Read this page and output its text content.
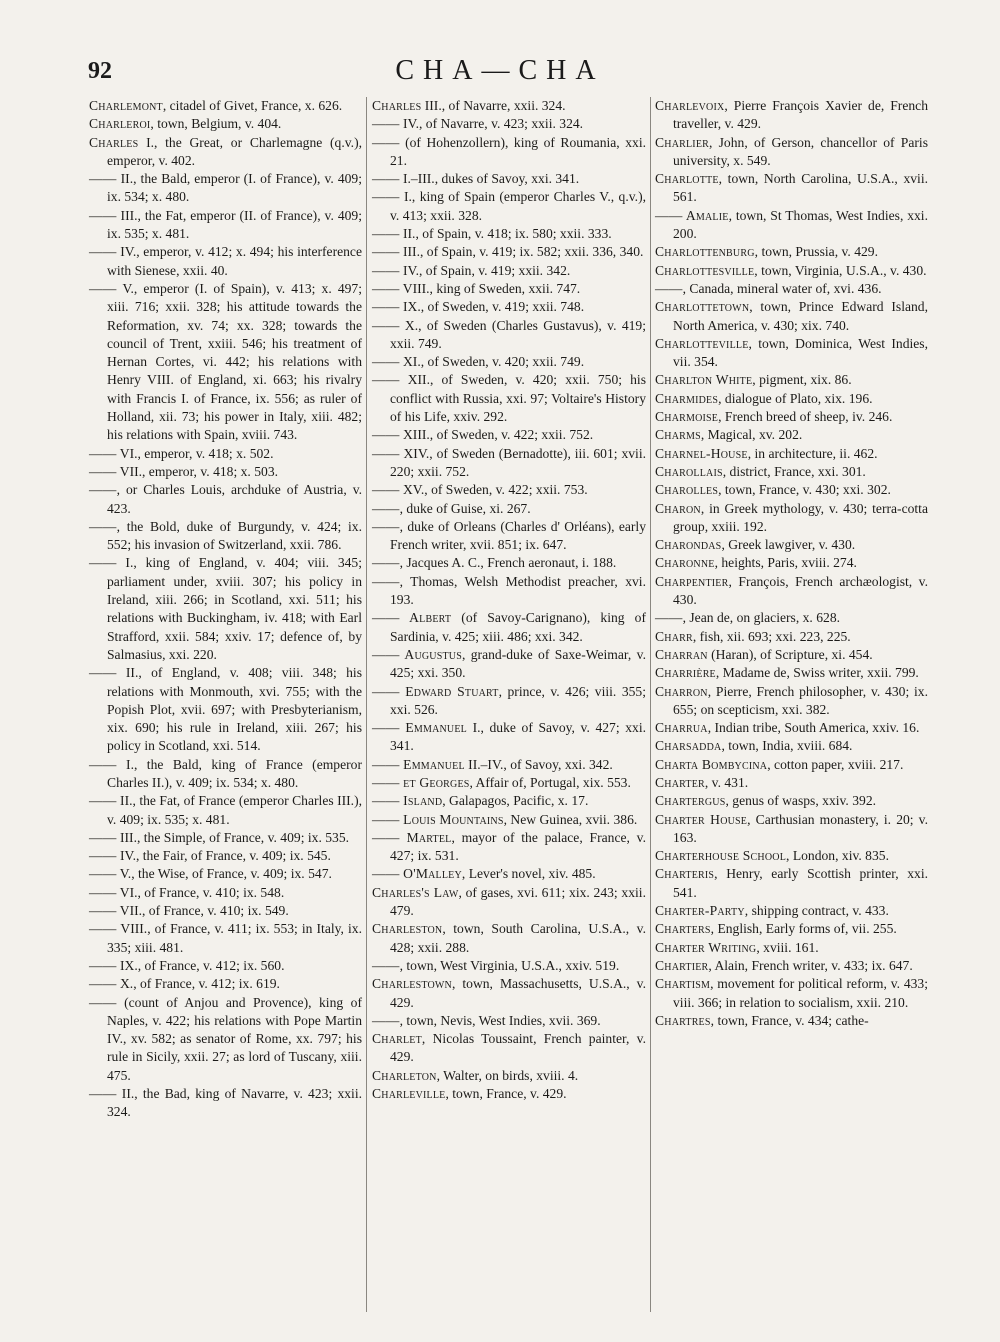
92	CHA—CHA

Charlemont, citadel of Givet, France, x. 626.

Charleroi, town, Belgium, v. 404.

Charles I., the Great, or Charlemagne (q.v.), emperor, v. 402.

—— II., the Bald, emperor (I. of France), v. 409; ix. 534; x. 480.

—— III., the Fat, emperor (II. of France), v. 409; ix. 535; x. 481.

—— IV., emperor, v. 412; x. 494; his interference with Sienese, xxii. 40.

—— V., emperor (I. of Spain), v. 413; x. 497; xiii. 716; xxii. 328; his attitude towards the Reformation, xv. 74; xx. 328; towards the council of Trent, xxiii. 546; his treatment of Hernan Cortes, vi. 442; his relations with Henry VIII. of England, xi. 663; his rivalry with Francis I. of France, ix. 556; as ruler of Holland, xii. 73; his power in Italy, xiii. 482; his relations with Spain, xviii. 743.

—— VI., emperor, v. 418; x. 502.

—— VII., emperor, v. 418; x. 503.

——, or Charles Louis, archduke of Austria, v. 423.

——, the Bold, duke of Burgundy, v. 424; ix. 552; his invasion of Switzerland, xxii. 786.

—— I., king of England, v. 404; viii. 345; parliament under, xviii. 307; his policy in Ireland, xiii. 266; in Scotland, xxi. 511; his relations with Buckingham, iv. 418; with Earl Strafford, xxii. 584; xxiv. 17; defence of, by Salmasius, xxi. 220.

—— II., of England, v. 408; viii. 348; his relations with Monmouth, xvi. 755; with the Popish Plot, xvii. 697; with Presbyterianism, xix. 690; his rule in Ireland, xiii. 267; his policy in Scotland, xxi. 514.

—— I., the Bald, king of France (emperor Charles II.), v. 409; ix. 534; x. 480.

—— II., the Fat, of France (emperor Charles III.), v. 409; ix. 535; x. 481.

—— III., the Simple, of France, v. 409; ix. 535.

—— IV., the Fair, of France, v. 409; ix. 545.

—— V., the Wise, of France, v. 409; ix. 547.

—— VI., of France, v. 410; ix. 548.

—— VII., of France, v. 410; ix. 549.

—— VIII., of France, v. 411; ix. 553; in Italy, ix. 335; xiii. 481.

—— IX., of France, v. 412; ix. 560.

—— X., of France, v. 412; ix. 619.

—— (count of Anjou and Provence), king of Naples, v. 422; his relations with Pope Martin IV., xv. 582; as senator of Rome, xx. 797; his rule in Sicily, xxii. 27; as lord of Tuscany, xiii. 475.

—— II., the Bad, king of Navarre, v. 423; xxii. 324.

Charles III., of Navarre, xxii. 324.

—— IV., of Navarre, v. 423; xxii. 324.

—— (of Hohenzollern), king of Roumania, xxi. 21.

—— I.–III., dukes of Savoy, xxi. 341.

—— I., king of Spain (emperor Charles V., q.v.), v. 413; xxii. 328.

—— II., of Spain, v. 418; ix. 580; xxii. 333.

—— III., of Spain, v. 419; ix. 582; xxii. 336, 340.

—— IV., of Spain, v. 419; xxii. 342.

—— VIII., king of Sweden, xxii. 747.

—— IX., of Sweden, v. 419; xxii. 748.

—— X., of Sweden (Charles Gustavus), v. 419; xxii. 749.

—— XI., of Sweden, v. 420; xxii. 749.

—— XII., of Sweden, v. 420; xxii. 750; his conflict with Russia, xxi. 97; Voltaire's History of his Life, xxiv. 292.

—— XIII., of Sweden, v. 422; xxii. 752.

—— XIV., of Sweden (Bernadotte), iii. 601; xvii. 220; xxii. 752.

—— XV., of Sweden, v. 422; xxii. 753.

——, duke of Guise, xi. 267.

——, duke of Orleans (Charles d' Orléans), early French writer, xvii. 851; ix. 647.

——, Jacques A. C., French aeronaut, i. 188.

——, Thomas, Welsh Methodist preacher, xvi. 193.

—— Albert (of Savoy-Carignano), king of Sardinia, v. 425; xiii. 486; xxi. 342.

—— Augustus, grand-duke of Saxe-Weimar, v. 425; xxi. 350.

—— Edward Stuart, prince, v. 426; viii. 355; xxi. 526.

—— Emmanuel I., duke of Savoy, v. 427; xxi. 341.

—— Emmanuel II.–IV., of Savoy, xxi. 342.

—— et Georges, Affair of, Portugal, xix. 553.

—— Island, Galapagos, Pacific, x. 17.

—— Louis Mountains, New Guinea, xvii. 386.

—— Martel, mayor of the palace, France, v. 427; ix. 531.

—— O'Malley, Lever's novel, xiv. 485.

Charles's Law, of gases, xvi. 611; xix. 243; xxii. 479.

Charleston, town, South Carolina, U.S.A., v. 428; xxii. 288.

——, town, West Virginia, U.S.A., xxiv. 519.

Charlestown, town, Massachusetts, U.S.A., v. 429.

——, town, Nevis, West Indies, xvii. 369.

Charlet, Nicolas Toussaint, French painter, v. 429.

Charleton, Walter, on birds, xviii. 4.

Charleville, town, France, v. 429.

Charlevoix, Pierre François Xavier de, French traveller, v. 429.

Charlier, John, of Gerson, chancellor of Paris university, x. 549.

Charlotte, town, North Carolina, U.S.A., xvii. 561.

—— Amalie, town, St Thomas, West Indies, xxi. 200.

Charlottenburg, town, Prussia, v. 429.

Charlottesville, town, Virginia, U.S.A., v. 430.

——, Canada, mineral water of, xvi. 436.

Charlottetown, town, Prince Edward Island, North America, v. 430; xix. 740.

Charlotteville, town, Dominica, West Indies, vii. 354.

Charlton White, pigment, xix. 86.

Charmides, dialogue of Plato, xix. 196.

Charmoise, French breed of sheep, iv. 246.

Charms, Magical, xv. 202.

Charnel-House, in architecture, ii. 462.

Charollais, district, France, xxi. 301.

Charolles, town, France, v. 430; xxi. 302.

Charon, in Greek mythology, v. 430; terra-cotta group, xxiii. 192.

Charondas, Greek lawgiver, v. 430.

Charonne, heights, Paris, xviii. 274.

Charpentier, François, French archæologist, v. 430.

——, Jean de, on glaciers, x. 628.

Charr, fish, xii. 693; xxi. 223, 225.

Charran (Haran), of Scripture, xi. 454.

Charrière, Madame de, Swiss writer, xxii. 799.

Charron, Pierre, French philosopher, v. 430; ix. 655; on scepticism, xxi. 382.

Charrua, Indian tribe, South America, xxiv. 16.

Charsadda, town, India, xviii. 684.

Charta Bombycina, cotton paper, xviii. 217.

Charter, v. 431.

Chartergus, genus of wasps, xxiv. 392.

Charter House, Carthusian monastery, i. 20; v. 163.

Charterhouse School, London, xiv. 835.

Charteris, Henry, early Scottish printer, xxi. 541.

Charter-Party, shipping contract, v. 433.

Charters, English, Early forms of, vii. 255.

Charter Writing, xviii. 161.

Chartier, Alain, French writer, v. 433; ix. 647.

Chartism, movement for political reform, v. 433; viii. 366; in relation to socialism, xxii. 210.

Chartres, town, France, v. 434; cathe-
